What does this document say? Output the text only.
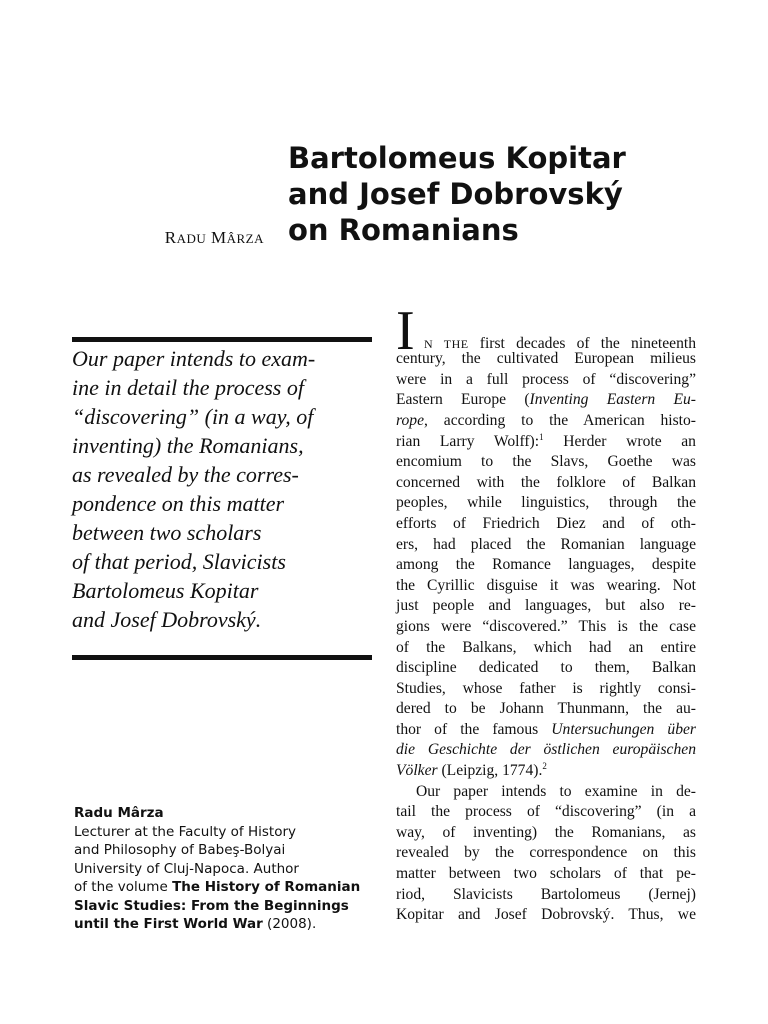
Bartolomeus Kopitar
and Josef Dobrovský
on Romanians
RADU MÂRZA
Our paper intends to exam-
ine in detail the process of
“discovering” (in a way, of
inventing) the Romanians,
as revealed by the corres-
pondence on this matter
between two scholars
of that period, Slavicists
Bartolomeus Kopitar
and Josef Dobrovský.
Radu Mârza
Lecturer at the Faculty of History
and Philosophy of Babeş-Bolyai
University of Cluj-Napoca. Author
of the volume The History of Romanian
Slavic Studies: From the Beginnings
until the First World War (2008).
I N THE first decades of the nineteenth
century, the cultivated European milieus
were in a full process of “discovering”
Eastern Europe (Inventing Eastern Eu-
rope, according to the American histo-
rian Larry Wolff):$^1$ Herder wrote an
encomium to the Slavs, Goethe was
concerned with the folklore of Balkan
peoples, while linguistics, through the
efforts of Friedrich Diez and of oth-
ers, had placed the Romanian language
among the Romance languages, despite
the Cyrillic disguise it was wearing. Not
just people and languages, but also re-
gions were “discovered.” This is the case
of the Balkans, which had an entire
discipline dedicated to them, Balkan
Studies, whose father is rightly consi-
dered to be Johann Thunmann, the au-
thor of the famous Untersuchungen über
die Geschichte der östlichen europäischen
Völker (Leipzig, 1774).$^2$
Our paper intends to examine in de-
tail the process of “discovering” (in a
way, of inventing) the Romanians, as
revealed by the correspondence on this
matter between two scholars of that pe-
riod, Slavicists Bartolomeus (Jernej)
Kopitar and Josef Dobrovský. Thus, we
